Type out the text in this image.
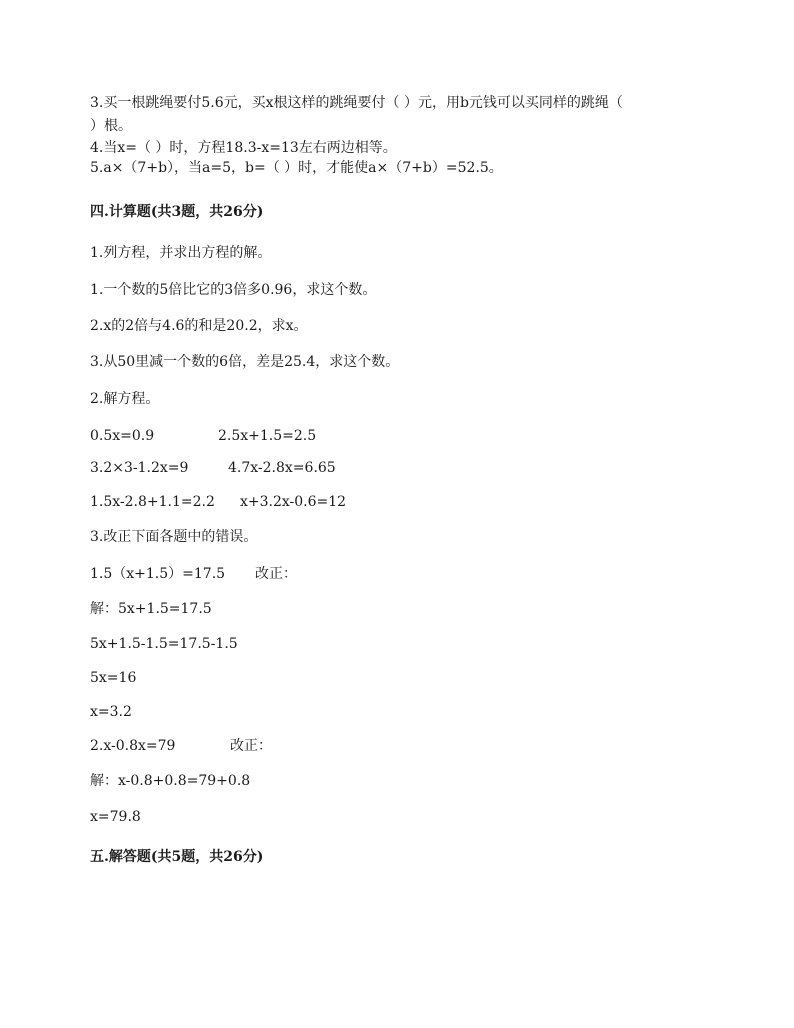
3.买一根跳绳要付5.6元，买x根这样的跳绳要付（ ）元，用b元钱可以买同样的跳绳（
）根。
4.当x=（ ）时，方程18.3-x=13左右两边相等。
5.a×（7+b），当a=5，b=（ ）时，才能使a×（7+b）=52.5。
四.计算题(共3题，共26分)
1.列方程，并求出方程的解。
1.一个数的5倍比它的3倍多0.96，求这个数。
2.x的2倍与4.6的和是20.2，求x。
3.从50里减一个数的6倍，差是25.4，求这个数。
2.解方程。
0.5x=0.9	2.5x+1.5=2.5
3.2×3-1.2x=9	4.7x-2.8x=6.65
1.5x-2.8+1.1=2.2 x+3.2x-0.6=12
3.改正下面各题中的错误。
1.5（x+1.5）=17.5 改正：
解：5x+1.5=17.5
5x+1.5-1.5=17.5-1.5
5x=16
x=3.2
2.x-0.8x=79	改正：
解：x-0.8+0.8=79+0.8
x=79.8
五.解答题(共5题，共26分)
